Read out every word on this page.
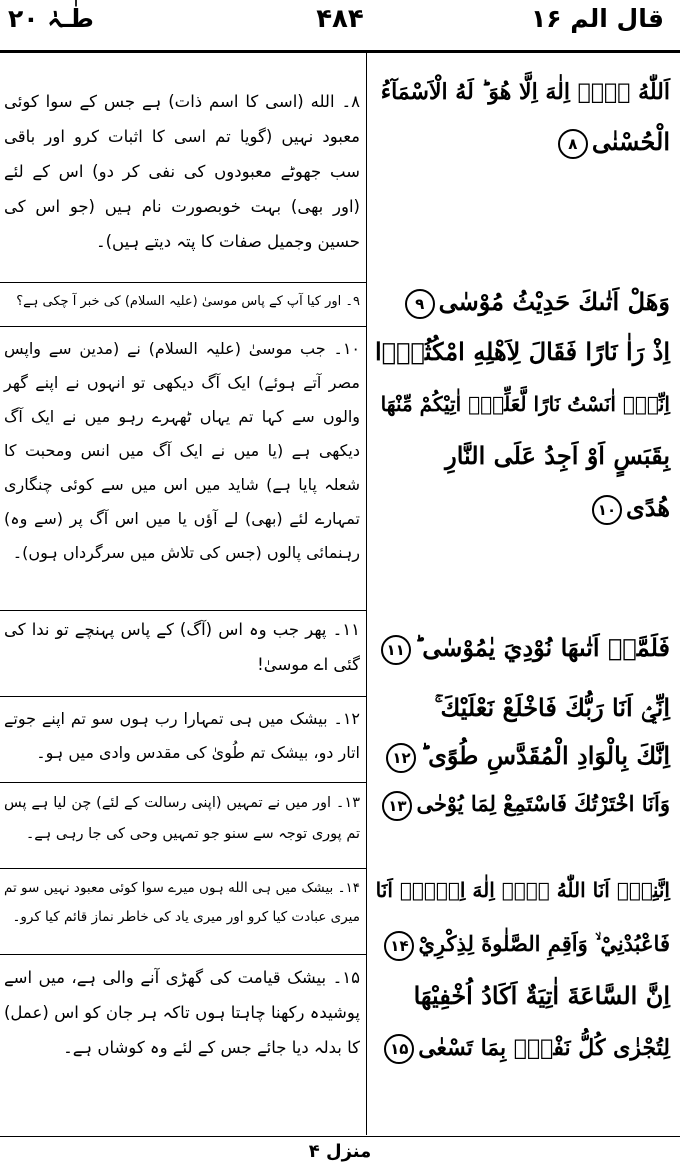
طٰـہٰ ۲۰	۴۸۴	قال الم ۱۶
اَللّٰهُ لَاۤ اِلٰهَ اِلَّا هُوَ ؕ لَهُ الْاَسْمَآءُ
الْحُسْنٰى۸
وَهَلْ اَتٰىكَ حَدِيْثُ مُوْسٰى۹
اِذْ رَاٰ نَارًا فَقَالَ لِاَهْلِهِ امْكُثُوْۤا
اِنِّيْۤ اٰنَسْتُ نَارًا لَّعَلِّيْۤ اٰتِيْكُمْ مِّنْهَا
بِقَبَسٍ اَوْ اَجِدُ عَلَى النَّارِ
هُدًى۱۰
فَلَمَّاۤ اَتٰىهَا نُوْدِيَ يٰمُوْسٰى ؕ۱۱
اِنِّيْۤ اَنَا رَبُّكَ فَاخْلَعْ نَعْلَيْكَ ۚ
اِنَّكَ بِالْوَادِ الْمُقَدَّسِ طُوًى ؕ۱۲
وَاَنَا اخْتَرْتُكَ فَاسْتَمِعْ لِمَا يُوْحٰى۱۳
اِنَّنِيْۤ اَنَا اللّٰهُ لَاۤ اِلٰهَ اِلَّاۤ اَنَا
فَاعْبُدْنِيْ ۙ وَاَقِمِ الصَّلٰوةَ لِذِكْرِيْ۱۴
اِنَّ السَّاعَةَ اٰتِيَةٌ اَكَادُ اُخْفِيْهَا
لِتُجْزٰى كُلُّ نَفْسٍۭ بِمَا تَسْعٰى۱۵
۸۔ الله (اسی کا اسم ذات) ہے جس کے سوا کوئی معبود نہیں (گویا تم اسی کا اثبات کرو اور باقی سب جھوٹے معبودوں کی نفی کر دو) اس کے لئے (اور بھی) بہت خوبصورت نام ہیں (جو اس کی حسین وجمیل صفات کا پتہ دیتے ہیں)۔
۹۔ اور کیا آپ کے پاس موسیٰ (علیہ السلام) کی خبر آ چکی ہے؟
۱۰۔ جب موسیٰ (علیہ السلام) نے (مدین سے واپس مصر آتے ہوئے) ایک آگ دیکھی تو انہوں نے اپنے گھر والوں سے کہا تم یہاں ٹھہرے رہو میں نے ایک آگ دیکھی ہے (یا میں نے ایک آگ میں انس ومحبت کا شعلہ پایا ہے) شاید میں اس میں سے کوئی چنگاری تمہارے لئے (بھی) لے آؤں یا میں اس آگ پر (سے وہ) رہنمائی پالوں (جس کی تلاش میں سرگرداں ہوں)۔
۱۱۔ پھر جب وہ اس (آگ) کے پاس پہنچے تو ندا کی گئی اے موسیٰ!
۱۲۔ بیشک میں ہی تمہارا رب ہوں سو تم اپنے جوتے اتار دو، بیشک تم طُویٰ کی مقدس وادی میں ہو۔
۱۳۔ اور میں نے تمہیں (اپنی رسالت کے لئے) چن لیا ہے پس تم پوری توجہ سے سنو جو تمہیں وحی کی جا رہی ہے۔
۱۴۔ بیشک میں ہی الله ہوں میرے سوا کوئی معبود نہیں سو تم میری عبادت کیا کرو اور میری یاد کی خاطر نماز قائم کیا کرو۔
۱۵۔ بیشک قیامت کی گھڑی آنے والی ہے، میں اسے پوشیدہ رکھنا چاہتا ہوں تاکہ ہر جان کو اس (عمل) کا بدلہ دیا جائے جس کے لئے وہ کوشاں ہے۔
منزل ۴
